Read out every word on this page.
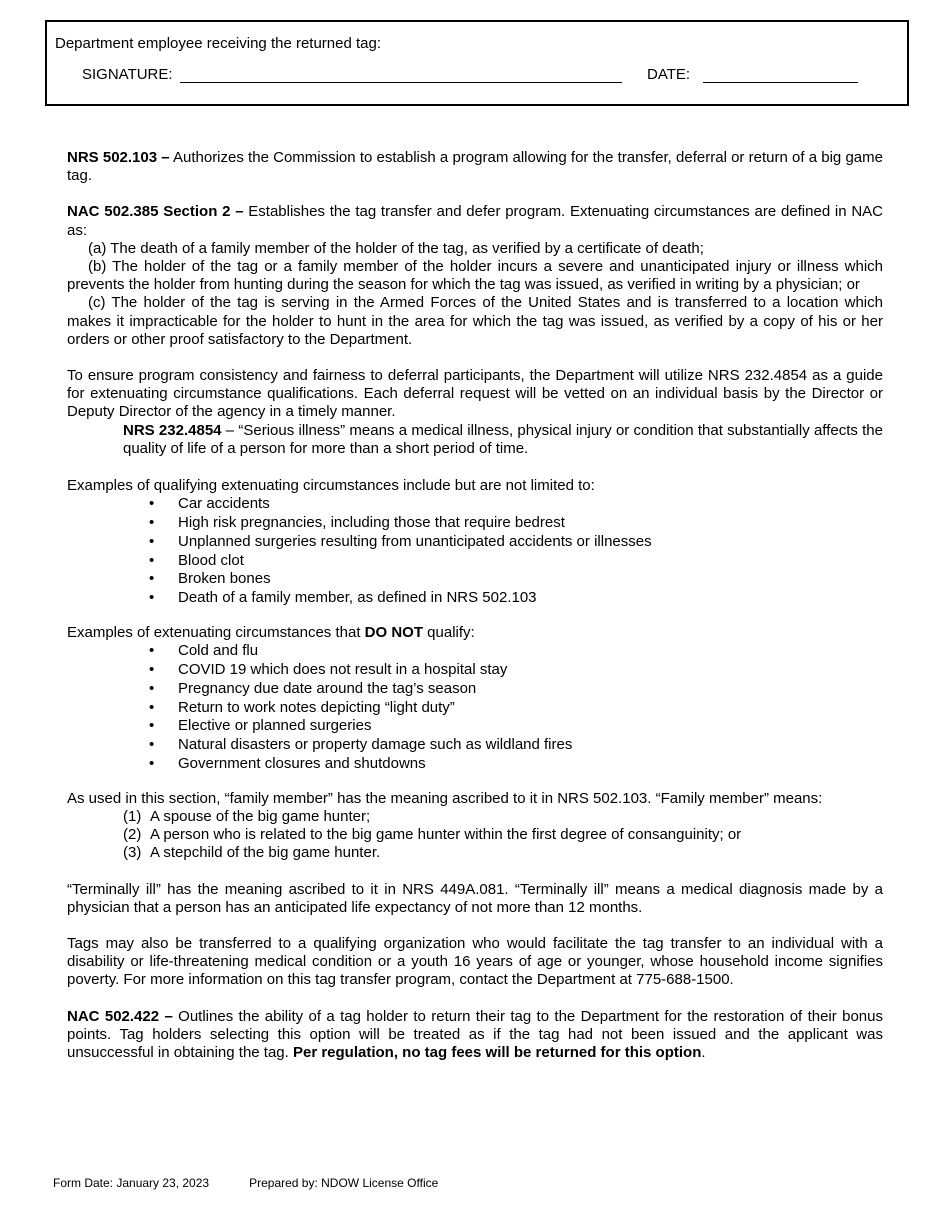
Department employee receiving the returned tag:
SIGNATURE:	DATE:

NRS 502.103 – Authorizes the Commission to establish a program allowing for the transfer, deferral or return of a big game tag.

NAC 502.385 Section 2 – Establishes the tag transfer and defer program. Extenuating circumstances are defined in NAC as:

(a) The death of a family member of the holder of the tag, as verified by a certificate of death;

(b) The holder of the tag or a family member of the holder incurs a severe and unanticipated injury or illness which prevents the holder from hunting during the season for which the tag was issued, as verified in writing by a physician; or

(c) The holder of the tag is serving in the Armed Forces of the United States and is transferred to a location which makes it impracticable for the holder to hunt in the area for which the tag was issued, as verified by a copy of his or her orders or other proof satisfactory to the Department.

To ensure program consistency and fairness to deferral participants, the Department will utilize NRS 232.4854 as a guide for extenuating circumstance qualifications. Each deferral request will be vetted on an individual basis by the Director or Deputy Director of the agency in a timely manner.

NRS 232.4854 – “Serious illness” means a medical illness, physical injury or condition that substantially affects the quality of life of a person for more than a short period of time.

Examples of qualifying extenuating circumstances include but are not limited to:

• Car accidents
• High risk pregnancies, including those that require bedrest
• Unplanned surgeries resulting from unanticipated accidents or illnesses
• Blood clot
• Broken bones
• Death of a family member, as defined in NRS 502.103

Examples of extenuating circumstances that DO NOT qualify:

• Cold and flu
• COVID 19 which does not result in a hospital stay
• Pregnancy due date around the tag’s season
• Return to work notes depicting “light duty”
• Elective or planned surgeries
• Natural disasters or property damage such as wildland fires
• Government closures and shutdowns

As used in this section, “family member” has the meaning ascribed to it in NRS 502.103. “Family member” means:

(1) A spouse of the big game hunter;
(2) A person who is related to the big game hunter within the first degree of consanguinity; or
(3) A stepchild of the big game hunter.

“Terminally ill” has the meaning ascribed to it in NRS 449A.081. “Terminally ill” means a medical diagnosis made by a physician that a person has an anticipated life expectancy of not more than 12 months.

Tags may also be transferred to a qualifying organization who would facilitate the tag transfer to an individual with a disability or life-threatening medical condition or a youth 16 years of age or younger, whose household income signifies poverty. For more information on this tag transfer program, contact the Department at 775-688-1500.

NAC 502.422 – Outlines the ability of a tag holder to return their tag to the Department for the restoration of their bonus points. Tag holders selecting this option will be treated as if the tag had not been issued and the applicant was unsuccessful in obtaining the tag. Per regulation, no tag fees will be returned for this option.

Form Date: January 23, 2023	Prepared by: NDOW License Office
